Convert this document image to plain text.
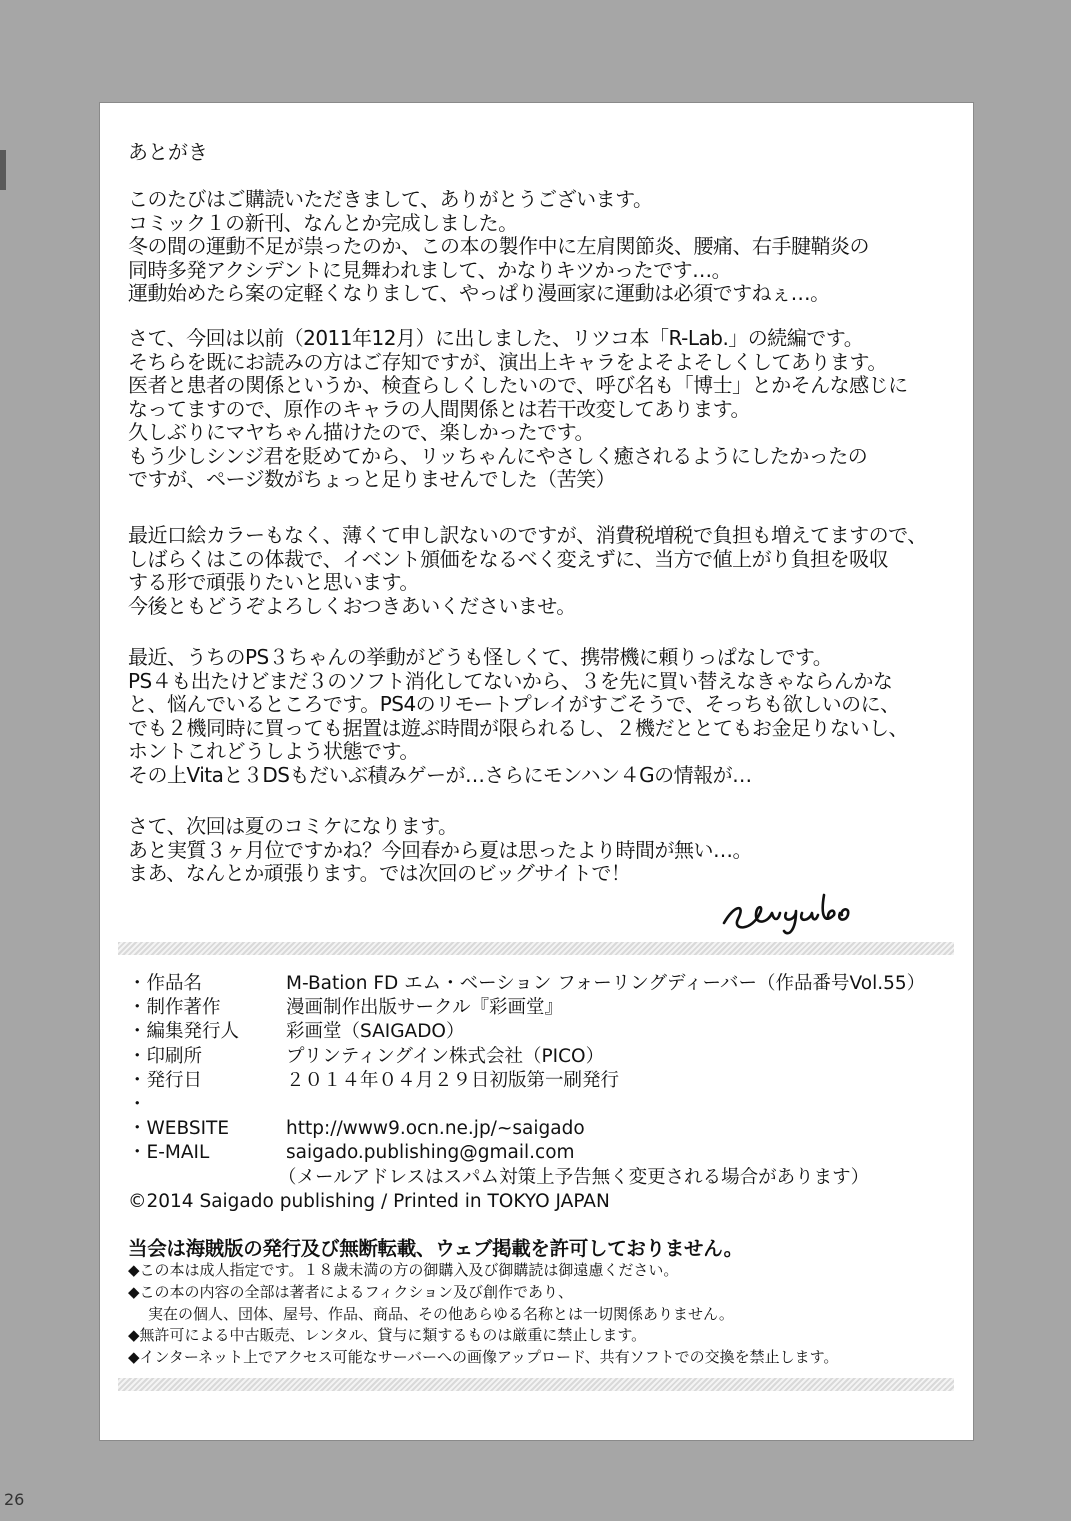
あとがき

このたびはご購読いただきまして、ありがとうございます。
コミック１の新刊、なんとか完成しました。
冬の間の運動不足が祟ったのか、この本の製作中に左肩関節炎、腰痛、右手腱鞘炎の
同時多発アクシデントに見舞われまして、かなりキツかったです…。
運動始めたら案の定軽くなりまして、やっぱり漫画家に運動は必須ですねぇ…。

さて、今回は以前（2011年12月）に出しました、リツコ本「R-Lab.」の続編です。
そちらを既にお読みの方はご存知ですが、演出上キャラをよそよそしくしてあります。
医者と患者の関係というか、検査らしくしたいので、呼び名も「博士」とかそんな感じに
なってますので、原作のキャラの人間関係とは若干改変してあります。
久しぶりにマヤちゃん描けたので、楽しかったです。
もう少しシンジ君を貶めてから、リッちゃんにやさしく癒されるようにしたかったの
ですが、ページ数がちょっと足りませんでした（苦笑）

最近口絵カラーもなく、薄くて申し訳ないのですが、消費税増税で負担も増えてますので、
しばらくはこの体裁で、イベント頒価をなるべく変えずに、当方で値上がり負担を吸収
する形で頑張りたいと思います。
今後ともどうぞよろしくおつきあいくださいませ。

最近、うちのPS３ちゃんの挙動がどうも怪しくて、携帯機に頼りっぱなしです。
PS４も出たけどまだ３のソフト消化してないから、３を先に買い替えなきゃならんかな
と、悩んでいるところです。PS4のリモートプレイがすごそうで、そっちも欲しいのに、
でも２機同時に買っても据置は遊ぶ時間が限られるし、２機だととてもお金足りないし、
ホントこれどうしよう状態です。
その上Vitaと３DSもだいぶ積みゲーが…さらにモンハン４Gの情報が…

さて、次回は夏のコミケになります。
あと実質３ヶ月位ですかね？今回春から夏は思ったより時間が無い…。
まあ、なんとか頑張ります。では次回のビッグサイトで！

・作品名	M-Bation FD エム・ベーション フォーリングディーバー（作品番号Vol.55）
・制作著作	漫画制作出版サークル『彩画堂』
・編集発行人	彩画堂（SAIGADO）
・印刷所	プリンティングイン株式会社（PICO）
・発行日	２０１４年０４月２９日初版第一刷発行
・
・WEBSITE	http://www9.ocn.ne.jp/~saigado
・E-MAIL	saigado.publishing@gmail.com
（メールアドレスはスパム対策上予告無く変更される場合があります）
©2014 Saigado publishing / Printed in TOKYO JAPAN
当会は海賊版の発行及び無断転載、ウェブ掲載を許可しておりません。
◆この本は成人指定です。１８歳未満の方の御購入及び御購読は御遠慮ください。
◆この本の内容の全部は著者によるフィクション及び創作であり、
実在の個人、団体、屋号、作品、商品、その他あらゆる名称とは一切関係ありません。
◆無許可による中古販売、レンタル、貸与に類するものは厳重に禁止します。
◆インターネット上でアクセス可能なサーバーへの画像アップロード、共有ソフトでの交換を禁止します。
26
